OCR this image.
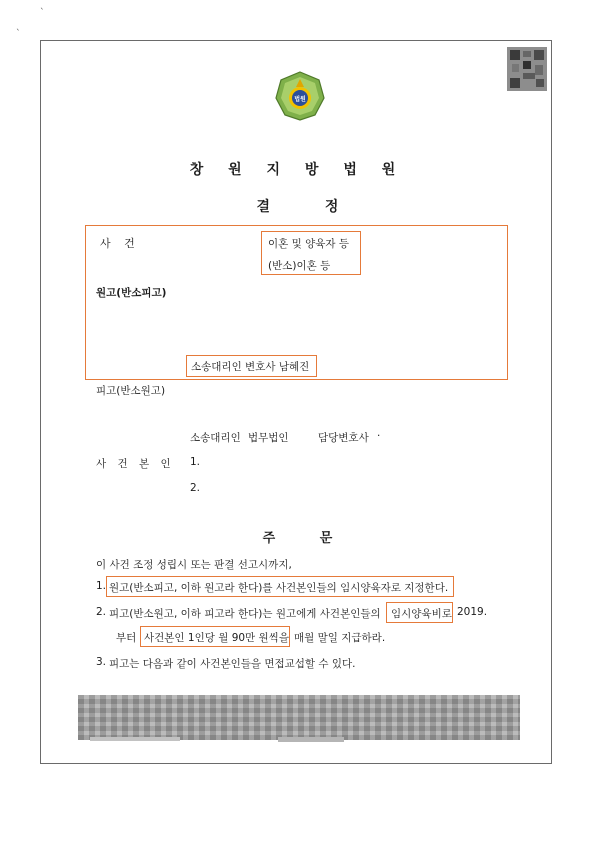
`
`
법원
창 원 지 방 법 원
결 정
사 건	이혼 및 양육자 등
(반소)이혼 등
원고(반소피고)
소송대리인 변호사 남혜진
피고(반소원고)
소송대리인 법무법인	담당변호사 ·
사 건 본 인 1.
2.
주 문
이 사건 조정 성립시 또는 판결 선고시까지,
1. 원고(반소피고, 이하 원고라 한다)를 사건본인들의 임시양육자로 지정한다.
2. 피고(반소원고, 이하 피고라 한다)는 원고에게 사건본인들의 임시양육비로 2019.
부터 사건본인 1인당 월 90만 원씩을 매월 말일 지급하라.
3. 피고는 다음과 같이 사건본인들을 면접교섭할 수 있다.
